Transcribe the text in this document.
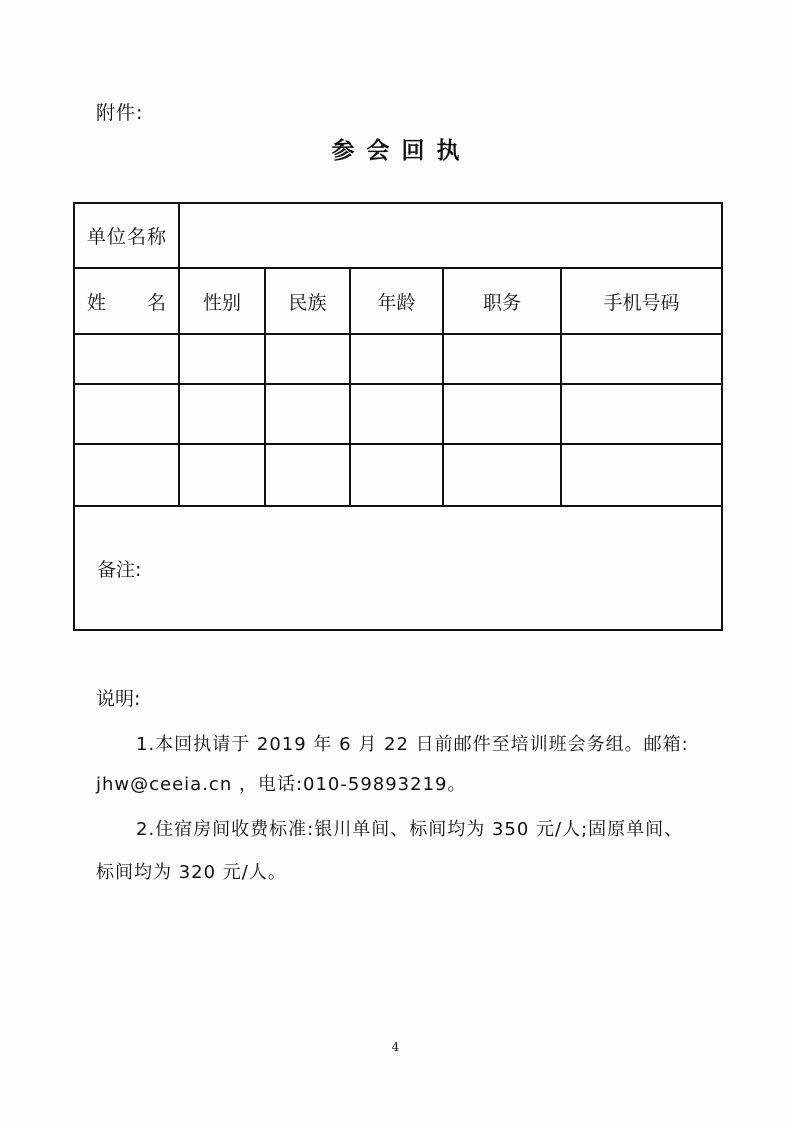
附件:
参会回执
单位名称					

姓 名	性别	民族	年龄	职务	手机号码

备注:					
说明:
1.本回执请于 2019 年 6 月 22 日前邮件至培训班会务组。邮箱:
jhw@ceeia.cn ，电话:010-59893219。
2.住宿房间收费标准:银川单间、标间均为 350 元/人;固原单间、
标间均为 320 元/人。
4
